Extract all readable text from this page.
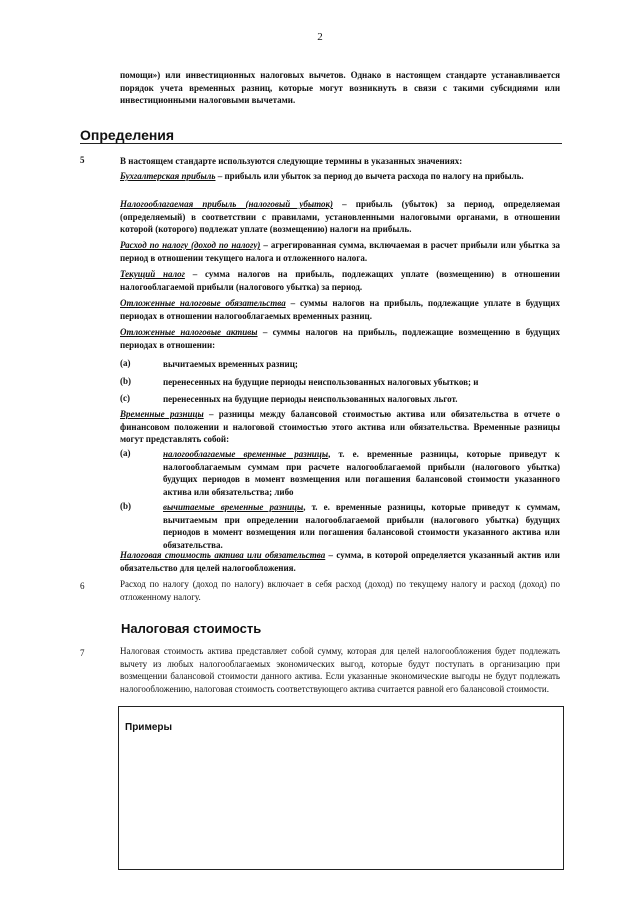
2
помощи») или инвестиционных налоговых вычетов. Однако в настоящем стандарте устанавливается порядок учета временных разниц, которые могут возникнуть в связи с такими субсидиями или инвестиционными налоговыми вычетами.
Определения
5	В настоящем стандарте используются следующие термины в указанных значениях:
Бухгалтерская прибыль – прибыль или убыток за период до вычета расхода по налогу на прибыль.
Налогооблагаемая прибыль (налоговый убыток) – прибыль (убыток) за период, определяемая (определяемый) в соответствии с правилами, установленными налоговыми органами, в отношении которой (которого) подлежат уплате (возмещению) налоги на прибыль.
Расход по налогу (доход по налогу) – агрегированная сумма, включаемая в расчет прибыли или убытка за период в отношении текущего налога и отложенного налога.
Текущий налог – сумма налогов на прибыль, подлежащих уплате (возмещению) в отношении налогооблагаемой прибыли (налогового убытка) за период.
Отложенные налоговые обязательства – суммы налогов на прибыль, подлежащие уплате в будущих периодах в отношении налогооблагаемых временных разниц.
Отложенные налоговые активы – суммы налогов на прибыль, подлежащие возмещению в будущих периодах в отношении:
(a)	вычитаемых временных разниц;
(b)	перенесенных на будущие периоды неиспользованных налоговых убытков; и
(c)	перенесенных на будущие периоды неиспользованных налоговых льгот.
Временные разницы – разницы между балансовой стоимостью актива или обязательства в отчете о финансовом положении и налоговой стоимостью этого актива или обязательства. Временные разницы могут представлять собой:
(a)	налогооблагаемые временные разницы, т. е. временные разницы, которые приведут к налогооблагаемым суммам при расчете налогооблагаемой прибыли (налогового убытка) будущих периодов в момент возмещения или погашения балансовой стоимости указанного актива или обязательства; либо
(b)	вычитаемые временные разницы, т. е. временные разницы, которые приведут к суммам, вычитаемым при определении налогооблагаемой прибыли (налогового убытка) будущих периодов в момент возмещения или погашения балансовой стоимости указанного актива или обязательства.
Налоговая стоимость актива или обязательства – сумма, в которой определяется указанный актив или обязательство для целей налогообложения.
6	Расход по налогу (доход по налогу) включает в себя расход (доход) по текущему налогу и расход (доход) по отложенному налогу.
Налоговая стоимость
7	Налоговая стоимость актива представляет собой сумму, которая для целей налогообложения будет подлежать вычету из любых налогооблагаемых экономических выгод, которые будут поступать в организацию при возмещении балансовой стоимости данного актива. Если указанные экономические выгоды не будут подлежать налогообложению, налоговая стоимость соответствующего актива считается равной его балансовой стоимости.
Примеры
